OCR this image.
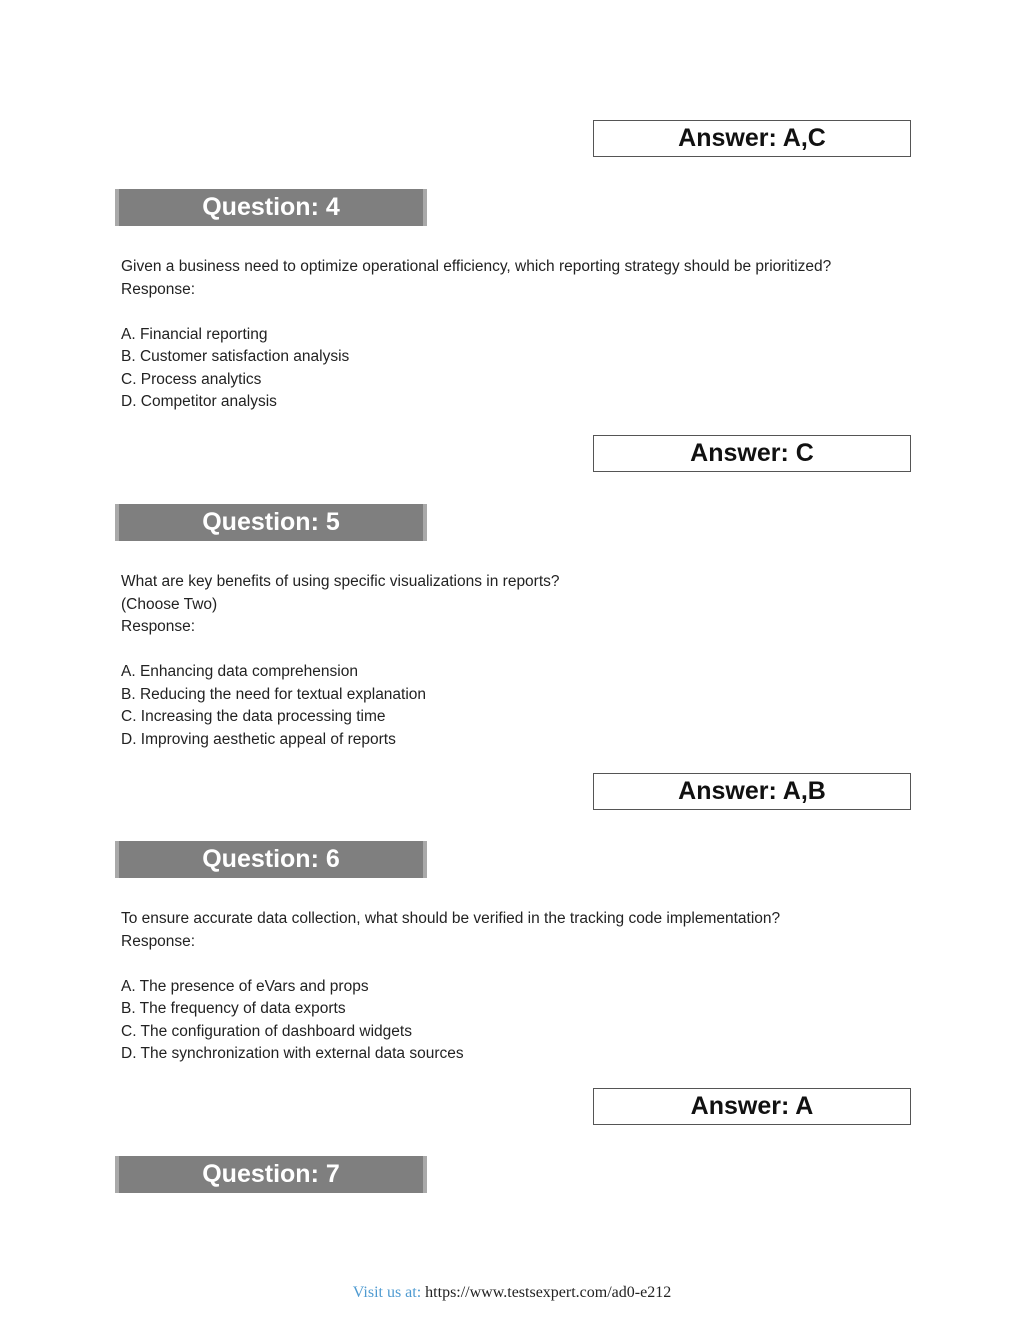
Answer: A,C
Question: 4
Given a business need to optimize operational efficiency, which reporting strategy should be prioritized?
Response:
A. Financial reporting
B. Customer satisfaction analysis
C. Process analytics
D. Competitor analysis
Answer: C
Question: 5
What are key benefits of using specific visualizations in reports?
(Choose Two)
Response:
A. Enhancing data comprehension
B. Reducing the need for textual explanation
C. Increasing the data processing time
D. Improving aesthetic appeal of reports
Answer: A,B
Question: 6
To ensure accurate data collection, what should be verified in the tracking code implementation?
Response:
A. The presence of eVars and props
B. The frequency of data exports
C. The configuration of dashboard widgets
D. The synchronization with external data sources
Answer: A
Question: 7
Visit us at: https://www.testsexpert.com/ad0-e212
